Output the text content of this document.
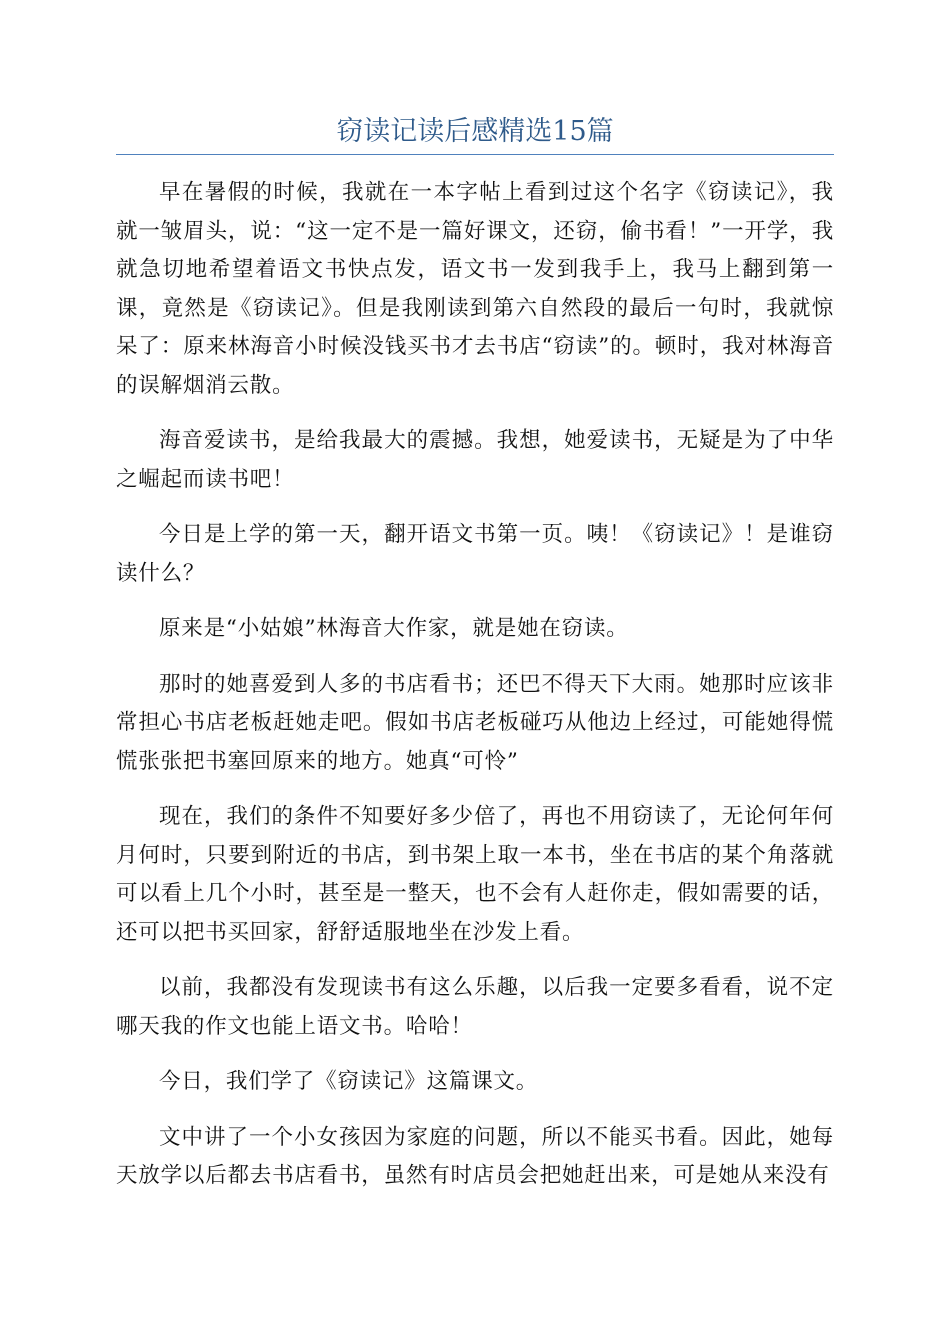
窃读记读后感精选15篇

早在暑假的时候，我就在一本字帖上看到过这个名字《窃读记》，我就一皱眉头，说：“这一定不是一篇好课文，还窃，偷书看！”一开学，我就急切地希望着语文书快点发，语文书一发到我手上，我马上翻到第一课，竟然是《窃读记》。但是我刚读到第六自然段的最后一句时，我就惊呆了：原来林海音小时候没钱买书才去书店“窃读”的。顿时，我对林海音的误解烟消云散。

海音爱读书，是给我最大的震撼。我想，她爱读书，无疑是为了中华之崛起而读书吧！

今日是上学的第一天，翻开语文书第一页。咦！《窃读记》！是谁窃读什么？

原来是“小姑娘”林海音大作家，就是她在窃读。

那时的她喜爱到人多的书店看书；还巴不得天下大雨。她那时应该非常担心书店老板赶她走吧。假如书店老板碰巧从他边上经过，可能她得慌慌张张把书塞回原来的地方。她真“可怜”

现在，我们的条件不知要好多少倍了，再也不用窃读了，无论何年何月何时，只要到附近的书店，到书架上取一本书，坐在书店的某个角落就可以看上几个小时，甚至是一整天，也不会有人赶你走，假如需要的话，还可以把书买回家，舒舒适服地坐在沙发上看。

以前，我都没有发现读书有这么乐趣，以后我一定要多看看，说不定哪天我的作文也能上语文书。哈哈！

今日，我们学了《窃读记》这篇课文。

文中讲了一个小女孩因为家庭的问题，所以不能买书看。因此，她每天放学以后都去书店看书，虽然有时店员会把她赶出来，可是她从来没有
